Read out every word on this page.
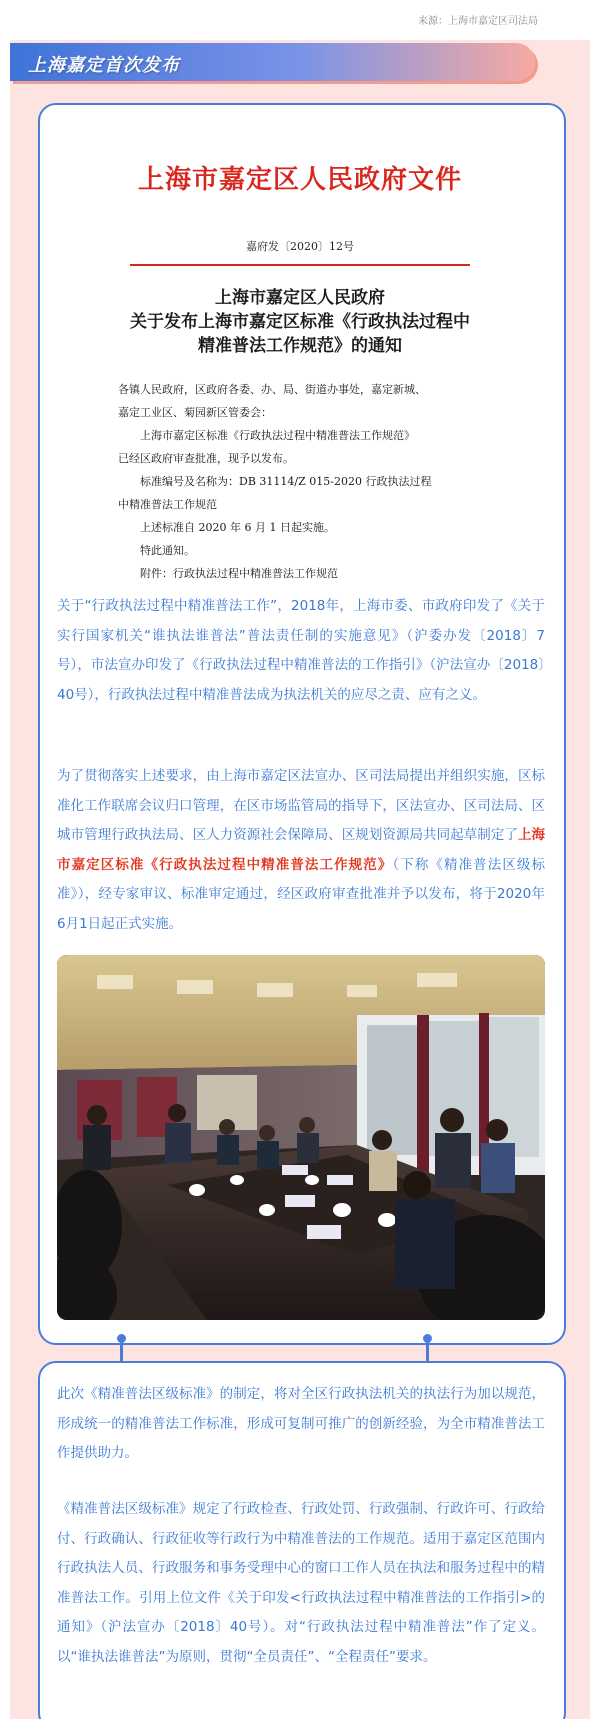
来源：上海市嘉定区司法局
上海嘉定首次发布
上海市嘉定区人民政府文件
嘉府发〔2020〕12号
上海市嘉定区人民政府
关于发布上海市嘉定区标准《行政执法过程中
精准普法工作规范》的通知

各镇人民政府，区政府各委、办、局、街道办事处，嘉定新城、

嘉定工业区、菊园新区管委会：

上海市嘉定区标准《行政执法过程中精准普法工作规范》

已经区政府审查批准，现予以发布。

标准编号及名称为：DB 31114/Z 015-2020 行政执法过程

中精准普法工作规范

上述标准自 2020 年 6 月 1 日起实施。

特此通知。

附件：行政执法过程中精准普法工作规范

关于“行政执法过程中精准普法工作”，2018年，上海市委、市政府印发了《关于实行国家机关“谁执法谁普法”普法责任制的实施意见》（沪委办发〔2018〕7号），市法宣办印发了《行政执法过程中精准普法的工作指引》（沪法宣办〔2018〕40号），行政执法过程中精准普法成为执法机关的应尽之责、应有之义。
为了贯彻落实上述要求，由上海市嘉定区法宣办、区司法局提出并组织实施，区标准化工作联席会议归口管理，在区市场监管局的指导下，区法宣办、区司法局、区城市管理行政执法局、区人力资源社会保障局、区规划资源局共同起草制定了上海市嘉定区标准《行政执法过程中精准普法工作规范》（下称《精准普法区级标准》），经专家审议、标准审定通过，经区政府审查批准并予以发布，将于2020年6月1日起正式实施。
此次《精准普法区级标准》的制定，将对全区行政执法机关的执法行为加以规范，形成统一的精准普法工作标准，形成可复制可推广的创新经验，为全市精准普法工作提供助力。
《精准普法区级标准》规定了行政检查、行政处罚、行政强制、行政许可、行政给付、行政确认、行政征收等行政行为中精准普法的工作规范。适用于嘉定区范围内行政执法人员、行政服务和事务受理中心的窗口工作人员在执法和服务过程中的精准普法工作。引用上位文件《关于印发<行政执法过程中精准普法的工作指引>的通知》（沪法宣办〔2018〕40号）。对“行政执法过程中精准普法”作了定义。以“谁执法谁普法”为原则，贯彻“全员责任”、“全程责任”要求。
